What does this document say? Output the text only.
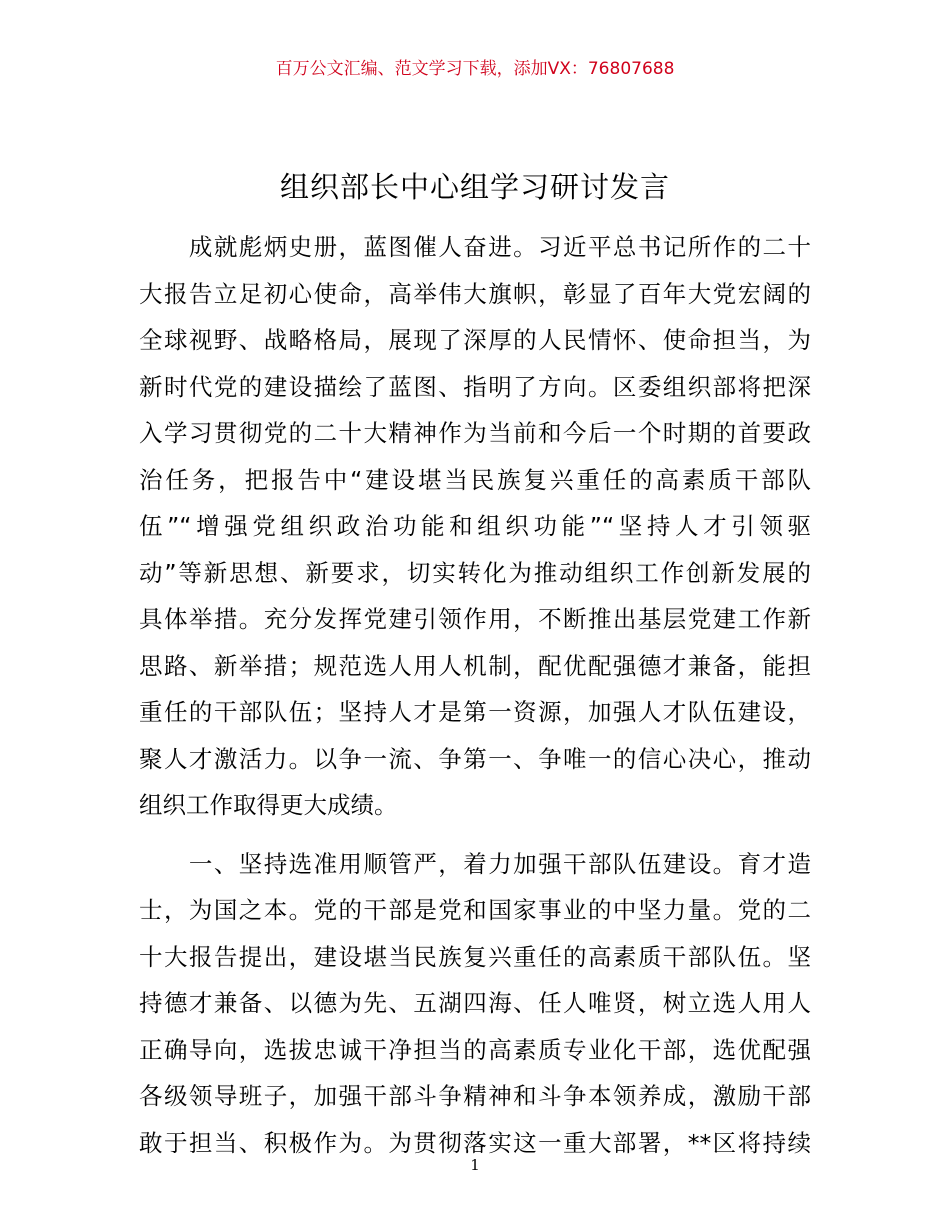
百万公文汇编、范文学习下载，添加VX：76807688
组织部长中心组学习研讨发言
　　成就彪炳史册，蓝图催人奋进。习近平总书记所作的二十
大报告立足初心使命，高举伟大旗帜，彰显了百年大党宏阔的
全球视野、战略格局，展现了深厚的人民情怀、使命担当，为
新时代党的建设描绘了蓝图、指明了方向。区委组织部将把深
入学习贯彻党的二十大精神作为当前和今后一个时期的首要政
治任务，把报告中“建设堪当民族复兴重任的高素质干部队
伍”“增强党组织政治功能和组织功能”“坚持人才引领驱
动”等新思想、新要求，切实转化为推动组织工作创新发展的
具体举措。充分发挥党建引领作用，不断推出基层党建工作新
思路、新举措；规范选人用人机制，配优配强德才兼备，能担
重任的干部队伍；坚持人才是第一资源，加强人才队伍建设，
聚人才激活力。以争一流、争第一、争唯一的信心决心，推动
组织工作取得更大成绩。
　　一、坚持选准用顺管严，着力加强干部队伍建设。育才造
士，为国之本。党的干部是党和国家事业的中坚力量。党的二
十大报告提出，建设堪当民族复兴重任的高素质干部队伍。坚
持德才兼备、以德为先、五湖四海、任人唯贤，树立选人用人
正确导向，选拔忠诚干净担当的高素质专业化干部，选优配强
各级领导班子，加强干部斗争精神和斗争本领养成，激励干部
敢于担当、积极作为。为贯彻落实这一重大部署，**区将持续
1
